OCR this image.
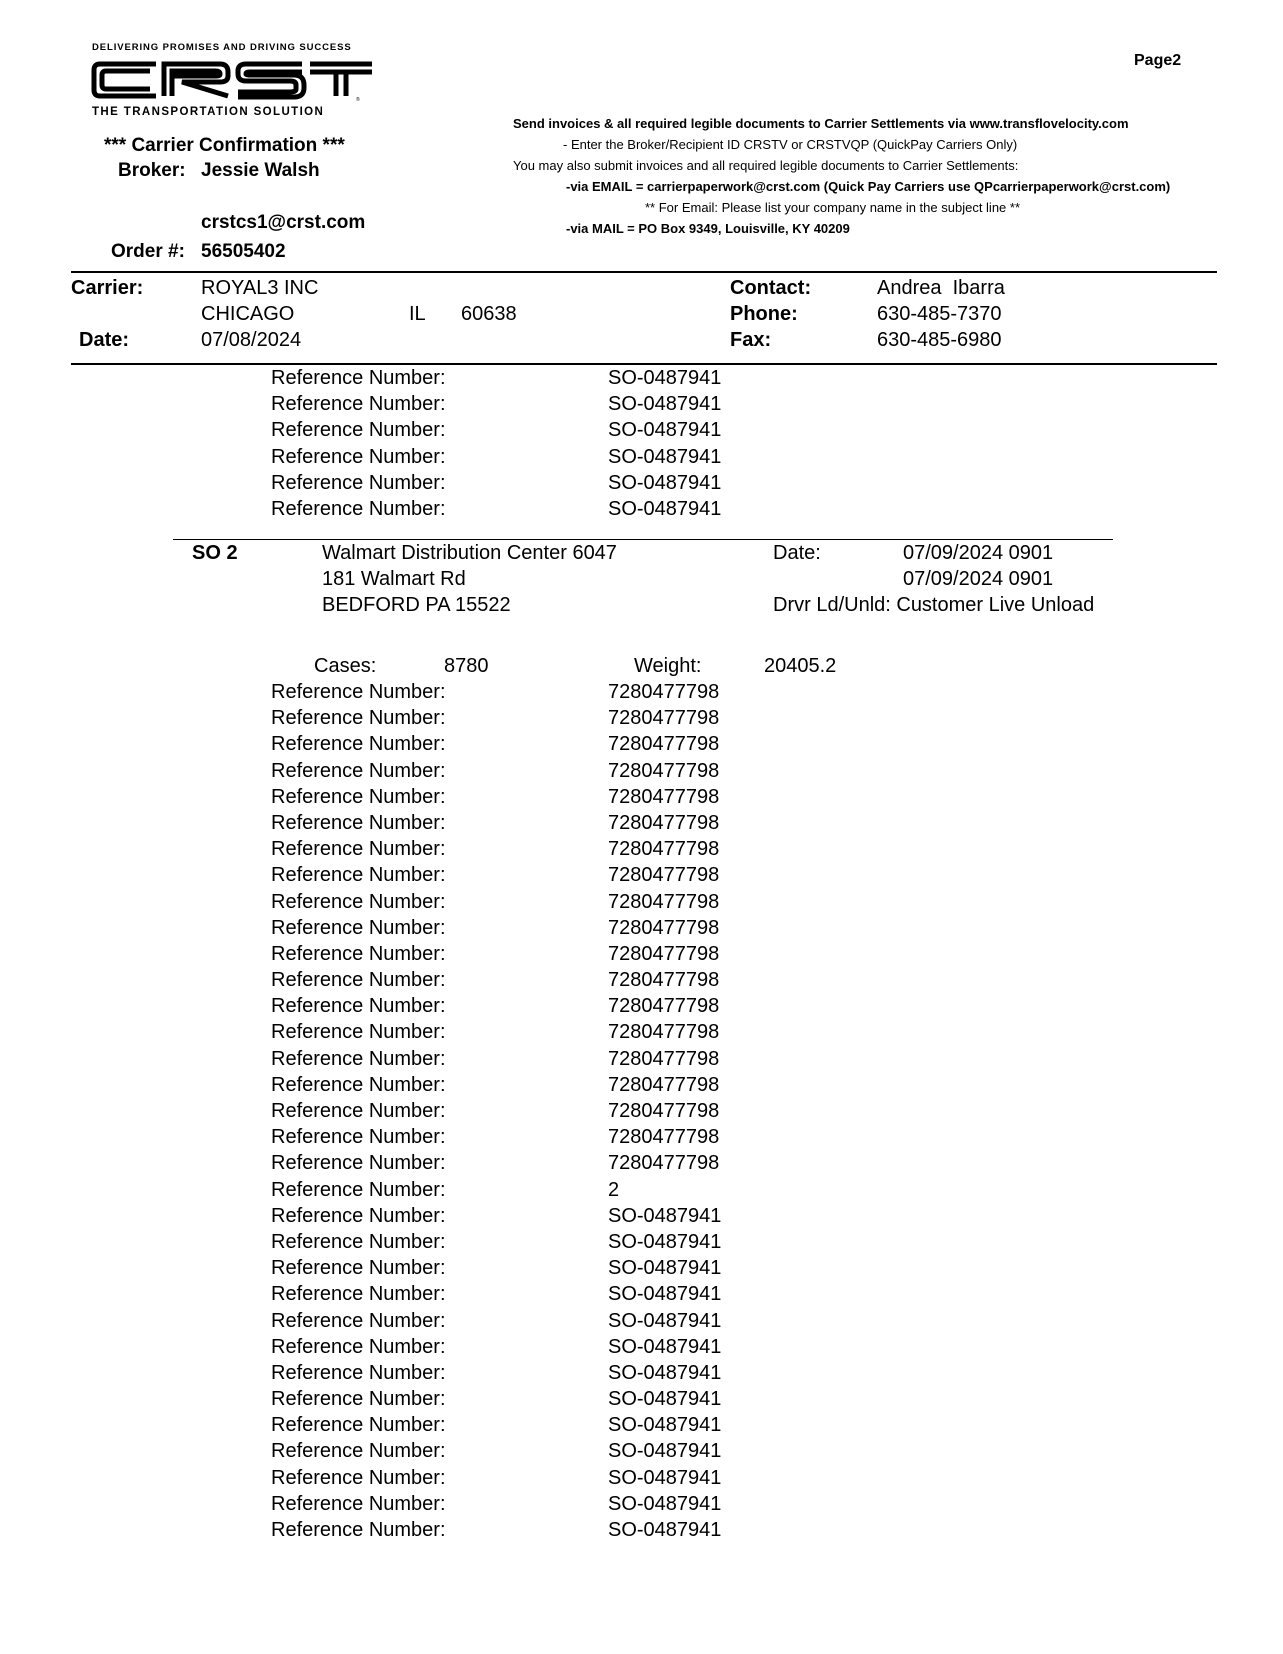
DELIVERING PROMISES AND DRIVING SUCCESS
®
THE TRANSPORTATION SOLUTION
Page2
*** Carrier Confirmation ***
Broker: Jessie Walsh
crstcs1@crst.com
Order #: 56505402
Send invoices & all required legible documents to Carrier Settlements via www.transflovelocity.com
- Enter the Broker/Recipient ID CRSTV or CRSTVQP (QuickPay Carriers Only)
You may also submit invoices and all required legible documents to Carrier Settlements:
-via EMAIL = carrierpaperwork@crst.com (Quick Pay Carriers use QPcarrierpaperwork@crst.com)
** For Email: Please list your company name in the subject line **
-via MAIL = PO Box 9349, Louisville, KY 40209
Carrier:	ROYAL3 INC
CHICAGO	IL 60638
Date:	07/08/2024
Contact:	Andrea  Ibarra
Phone:	630-485-7370
Fax:	630-485-6980
Reference Number:	SO-0487941
Reference Number:	SO-0487941
Reference Number:	SO-0487941
Reference Number:	SO-0487941
Reference Number:	SO-0487941
Reference Number:	SO-0487941
SO 2	Walmart Distribution Center 6047
181 Walmart Rd
BEDFORD PA 15522
Date:	07/09/2024 0901
07/09/2024 0901
Drvr Ld/Unld: Customer Live Unload
Cases:	8780	Weight:	20405.2
Reference Number:	7280477798
Reference Number:	7280477798
Reference Number:	7280477798
Reference Number:	7280477798
Reference Number:	7280477798
Reference Number:	7280477798
Reference Number:	7280477798
Reference Number:	7280477798
Reference Number:	7280477798
Reference Number:	7280477798
Reference Number:	7280477798
Reference Number:	7280477798
Reference Number:	7280477798
Reference Number:	7280477798
Reference Number:	7280477798
Reference Number:	7280477798
Reference Number:	7280477798
Reference Number:	7280477798
Reference Number:	7280477798
Reference Number:	2
Reference Number:	SO-0487941
Reference Number:	SO-0487941
Reference Number:	SO-0487941
Reference Number:	SO-0487941
Reference Number:	SO-0487941
Reference Number:	SO-0487941
Reference Number:	SO-0487941
Reference Number:	SO-0487941
Reference Number:	SO-0487941
Reference Number:	SO-0487941
Reference Number:	SO-0487941
Reference Number:	SO-0487941
Reference Number:	SO-0487941
